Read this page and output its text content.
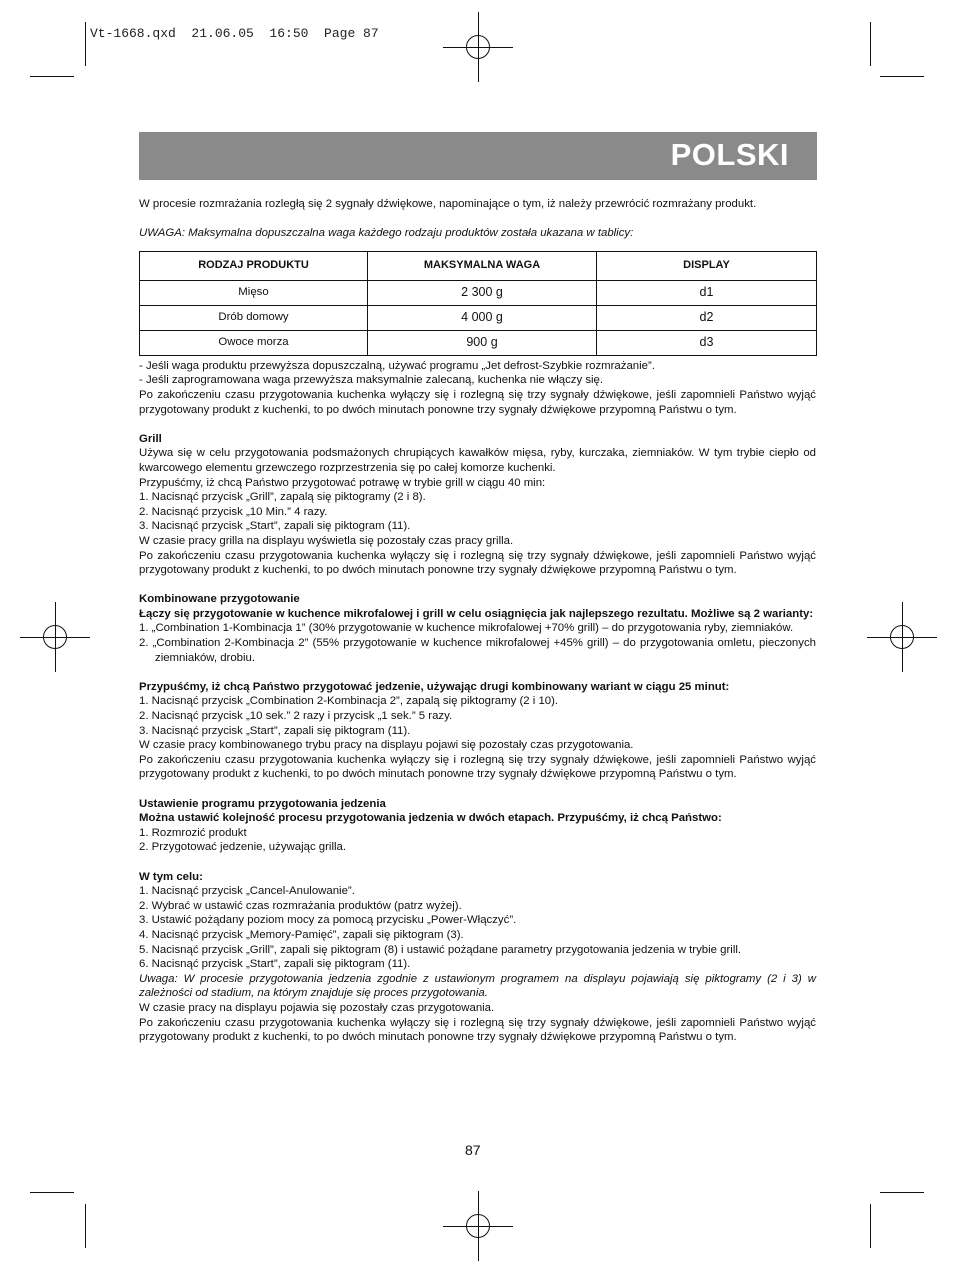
Vt-1668.qxd  21.06.05  16:50  Page 87
POLSKI

W procesie rozmrażania rozległą się 2 sygnały dźwiękowe, napominające o tym, iż należy przewrócić rozmrażany produkt.

UWAGA: Maksymalna dopuszczalna waga każdego rodzaju produktów została ukazana w tablicy:

RODZAJ PRODUKTU	MAKSYMALNA WAGA	DISPLAY
Mięso	2 300 g	d1
Drób domowy	4 000 g	d2
Owoce morza	900 g	d3

- Jeśli waga produktu przewyższa dopuszczalną, używać programu „Jet defrost-Szybkie rozmrażanie”.

- Jeśli zaprogramowana waga przewyższa maksymalnie zalecaną, kuchenka nie włączy się.

Po zakończeniu czasu przygotowania kuchenka wyłączy się i rozlegną się trzy sygnały dźwiękowe, jeśli zapomnieli Państwo wyjąć przygotowany produkt z kuchenki, to po dwóch minutach ponowne trzy sygnały dźwiękowe przypomną Państwu o tym.

Grill

Używa się w celu przygotowania podsmażonych chrupiących kawałków mięsa, ryby, kurczaka, ziemniaków. W tym trybie ciepło od kwarcowego elementu grzewczego rozprzestrzenia się po całej komorze kuchenki.

Przypuśćmy, iż chcą Państwo przygotować potrawę w trybie grill w ciągu 40 min:

1. Nacisnąć przycisk „Grill”, zapalą się piktogramy (2 i 8).

2. Nacisnąć przycisk „10 Min.” 4 razy.

3. Nacisnąć przycisk „Start”, zapali się piktogram (11).

W czasie pracy grilla na displayu wyświetla się pozostały czas pracy grilla.

Po zakończeniu czasu przygotowania kuchenka wyłączy się i rozlegną się trzy sygnały dźwiękowe, jeśli zapomnieli Państwo wyjąć przygotowany produkt z kuchenki, to po dwóch minutach ponowne trzy sygnały dźwiękowe przypomną Państwu o tym.

Kombinowane przygotowanie

Łączy się przygotowanie w kuchence mikrofalowej i grill w celu osiągnięcia jak najlepszego rezultatu. Możliwe są 2 warianty:

1. „Combination 1-Kombinacja 1” (30% przygotowanie w kuchence mikrofalowej +70% grill) – do przygotowania ryby, ziemniaków.

2. „Combination 2-Kombinacja 2” (55% przygotowanie w kuchence mikrofalowej +45% grill) – do przygotowania omletu, pieczonych ziemniaków, drobiu.

Przypuśćmy, iż chcą Państwo przygotować jedzenie, używając drugi kombinowany wariant w ciągu 25 minut:

1. Nacisnąć przycisk „Combination 2-Kombinacja 2”, zapalą się piktogramy (2 i 10).

2. Nacisnąć przycisk „10 sek.” 2 razy i przycisk „1 sek.” 5 razy.

3. Nacisnąć przycisk „Start”, zapali się piktogram (11).

W czasie pracy kombinowanego trybu pracy na displayu pojawi się pozostały czas przygotowania.

Po zakończeniu czasu przygotowania kuchenka wyłączy się i rozlegną się trzy sygnały dźwiękowe, jeśli zapomnieli Państwo wyjąć przygotowany produkt z kuchenki, to po dwóch minutach ponowne trzy sygnały dźwiękowe przypomną Państwu o tym.

Ustawienie programu przygotowania jedzenia

Można ustawić kolejność procesu przygotowania jedzenia w dwóch etapach. Przypuśćmy, iż chcą Państwo:

1. Rozmrozić produkt

2. Przygotować jedzenie, używając grilla.

W tym celu:

1. Nacisnąć przycisk „Cancel-Anulowanie”.

2. Wybrać w ustawić czas rozmrażania produktów (patrz wyżej).

3. Ustawić pożądany poziom mocy za pomocą przycisku „Power-Włączyć”.

4. Nacisnąć przycisk „Memory-Pamięć”, zapali się piktogram (3).

5. Nacisnąć przycisk „Grill”, zapali się piktogram (8) i ustawić pożądane parametry przygotowania jedzenia w trybie grill.

6. Nacisnąć przycisk „Start”, zapali się piktogram (11).

Uwaga: W procesie przygotowania jedzenia zgodnie z ustawionym programem na displayu pojawiają się piktogramy (2 i 3) w zależności od stadium, na którym znajduje się proces przygotowania.

W czasie pracy na displayu pojawia się pozostały czas przygotowania.

Po zakończeniu czasu przygotowania kuchenka wyłączy się i rozlegną się trzy sygnały dźwiękowe, jeśli zapomnieli Państwo wyjąć przygotowany produkt z kuchenki, to po dwóch minutach ponowne trzy sygnały dźwiękowe przypomną Państwu o tym.

87
